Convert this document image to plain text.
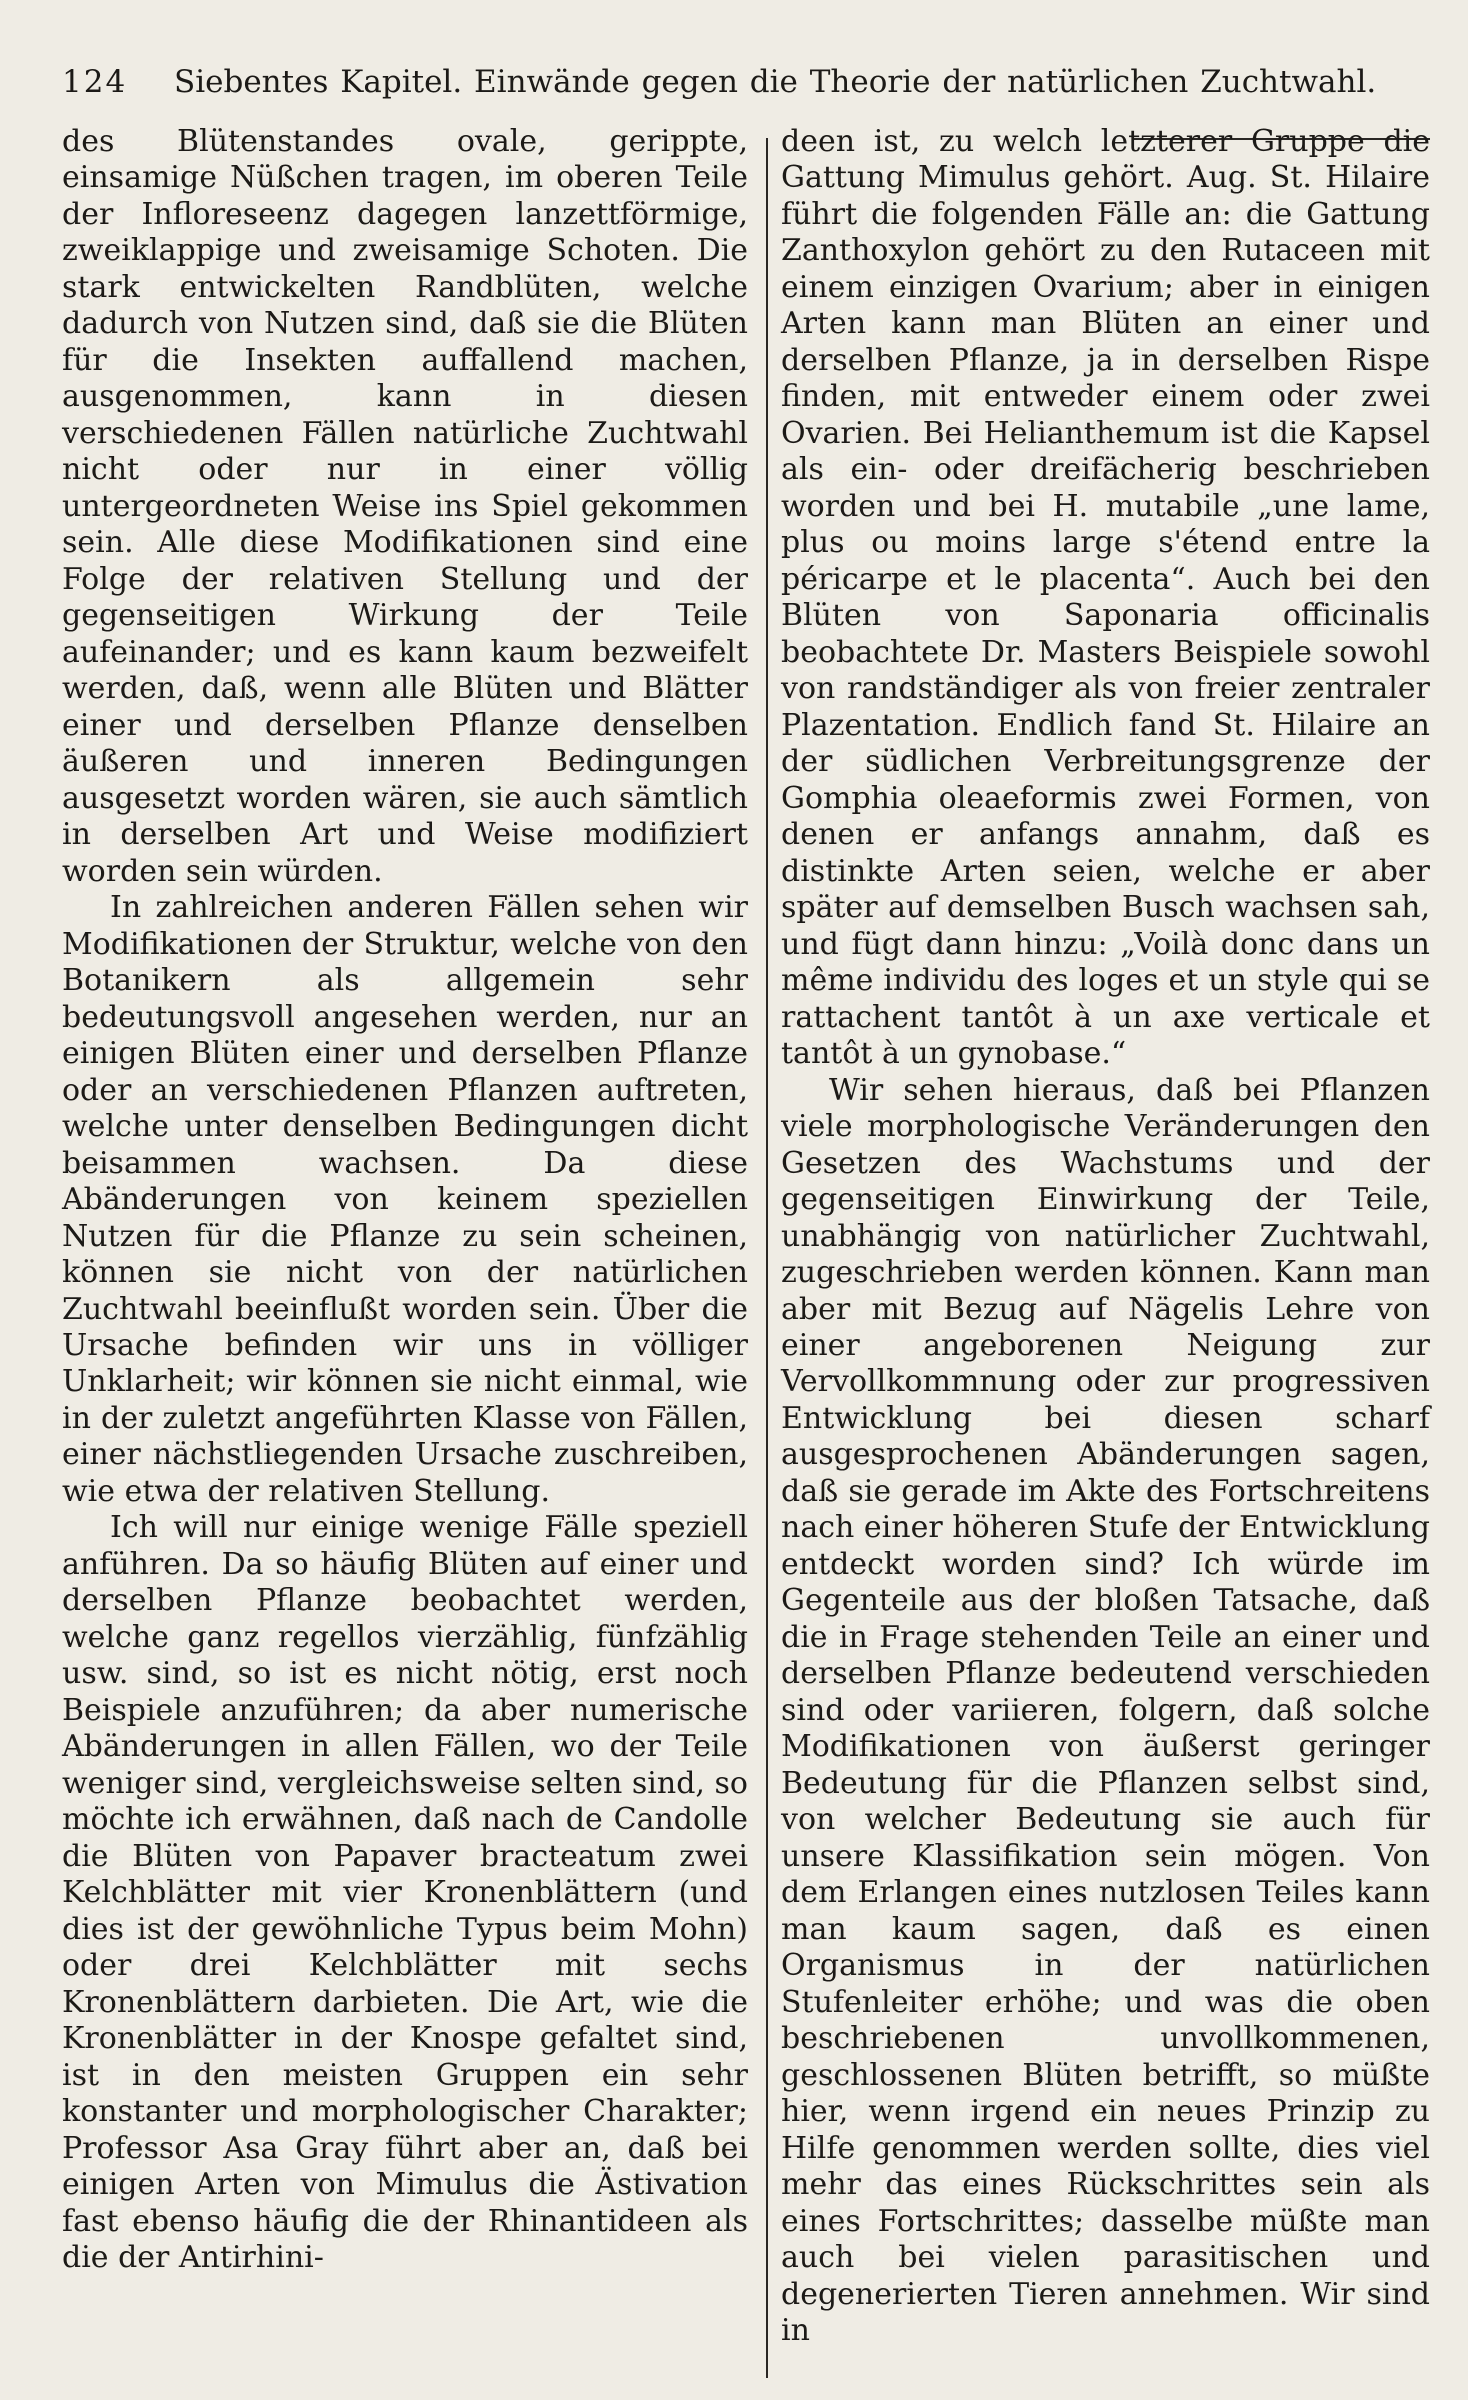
124 Siebentes Kapitel. Einwände gegen die Theorie der natürlichen Zuchtwahl.

des Blütenstandes ovale, gerippte, einsamige Nüßchen tragen, im oberen Teile der Infloreseenz dagegen lanzettförmige, zweiklappige und zweisamige Schoten. Die stark entwickelten Randblüten, welche dadurch von Nutzen sind, daß sie die Blüten für die Insekten auffallend machen, ausgenommen, kann in diesen verschiedenen Fällen natürliche Zuchtwahl nicht oder nur in einer völlig untergeordneten Weise ins Spiel gekommen sein. Alle diese Modifikationen sind eine Folge der relativen Stellung und der gegenseitigen Wirkung der Teile aufeinander; und es kann kaum bezweifelt werden, daß, wenn alle Blüten und Blätter einer und derselben Pflanze denselben äußeren und inneren Bedingungen ausgesetzt worden wären, sie auch sämtlich in derselben Art und Weise modifiziert worden sein würden.

In zahlreichen anderen Fällen sehen wir Modifikationen der Struktur, welche von den Botanikern als allgemein sehr bedeutungsvoll angesehen werden, nur an einigen Blüten einer und derselben Pflanze oder an verschiedenen Pflanzen auftreten, welche unter denselben Bedingungen dicht beisammen wachsen. Da diese Abänderungen von keinem speziellen Nutzen für die Pflanze zu sein scheinen, können sie nicht von der natürlichen Zuchtwahl beeinflußt worden sein. Über die Ursache befinden wir uns in völliger Unklarheit; wir können sie nicht einmal, wie in der zuletzt angeführten Klasse von Fällen, einer nächstliegenden Ursache zuschreiben, wie etwa der relativen Stellung.

Ich will nur einige wenige Fälle speziell anführen. Da so häufig Blüten auf einer und derselben Pflanze beobachtet werden, welche ganz regellos vierzählig, fünfzählig usw. sind, so ist es nicht nötig, erst noch Beispiele anzuführen; da aber numerische Abänderungen in allen Fällen, wo der Teile weniger sind, vergleichsweise selten sind, so möchte ich erwähnen, daß nach de Candolle die Blüten von Papaver bracteatum zwei Kelchblätter mit vier Kronenblättern (und dies ist der gewöhnliche Typus beim Mohn) oder drei Kelchblätter mit sechs Kronenblättern darbieten. Die Art, wie die Kronenblätter in der Knospe gefaltet sind, ist in den meisten Gruppen ein sehr konstanter und morphologischer Charakter; Professor Asa Gray führt aber an, daß bei einigen Arten von Mimulus die Ästivation fast ebenso häufig die der Rhinantideen als die der Antirhini-

deen ist, zu welch letzterer Gruppe die Gattung Mimulus gehört. Aug. St. Hilaire führt die folgenden Fälle an: die Gattung Zanthoxylon gehört zu den Rutaceen mit einem einzigen Ovarium; aber in einigen Arten kann man Blüten an einer und derselben Pflanze, ja in derselben Rispe finden, mit entweder einem oder zwei Ovarien. Bei Helianthemum ist die Kapsel als ein- oder dreifächerig beschrieben worden und bei H. mutabile „une lame, plus ou moins large s'étend entre la péricarpe et le placenta“. Auch bei den Blüten von Saponaria officinalis beobachtete Dr. Masters Beispiele sowohl von randständiger als von freier zentraler Plazentation. Endlich fand St. Hilaire an der südlichen Verbreitungsgrenze der Gomphia oleaeformis zwei Formen, von denen er anfangs annahm, daß es distinkte Arten seien, welche er aber später auf demselben Busch wachsen sah, und fügt dann hinzu: „Voilà donc dans un même individu des loges et un style qui se rattachent tantôt à un axe verticale et tantôt à un gynobase.“

Wir sehen hieraus, daß bei Pflanzen viele morphologische Veränderungen den Gesetzen des Wachstums und der gegenseitigen Einwirkung der Teile, unabhängig von natürlicher Zuchtwahl, zugeschrieben werden können. Kann man aber mit Bezug auf Nägelis Lehre von einer angeborenen Neigung zur Vervollkommnung oder zur progressiven Entwicklung bei diesen scharf ausgesprochenen Abänderungen sagen, daß sie gerade im Akte des Fortschreitens nach einer höheren Stufe der Entwicklung entdeckt worden sind? Ich würde im Gegenteile aus der bloßen Tatsache, daß die in Frage stehenden Teile an einer und derselben Pflanze bedeutend verschieden sind oder variieren, folgern, daß solche Modifikationen von äußerst geringer Bedeutung für die Pflanzen selbst sind, von welcher Bedeutung sie auch für unsere Klassifikation sein mögen. Von dem Erlangen eines nutzlosen Teiles kann man kaum sagen, daß es einen Organismus in der natürlichen Stufenleiter erhöhe; und was die oben beschriebenen unvollkommenen, geschlossenen Blüten betrifft, so müßte hier, wenn irgend ein neues Prinzip zu Hilfe genommen werden sollte, dies viel mehr das eines Rückschrittes sein als eines Fortschrittes; dasselbe müßte man auch bei vielen parasitischen und degenerierten Tieren annehmen. Wir sind in
